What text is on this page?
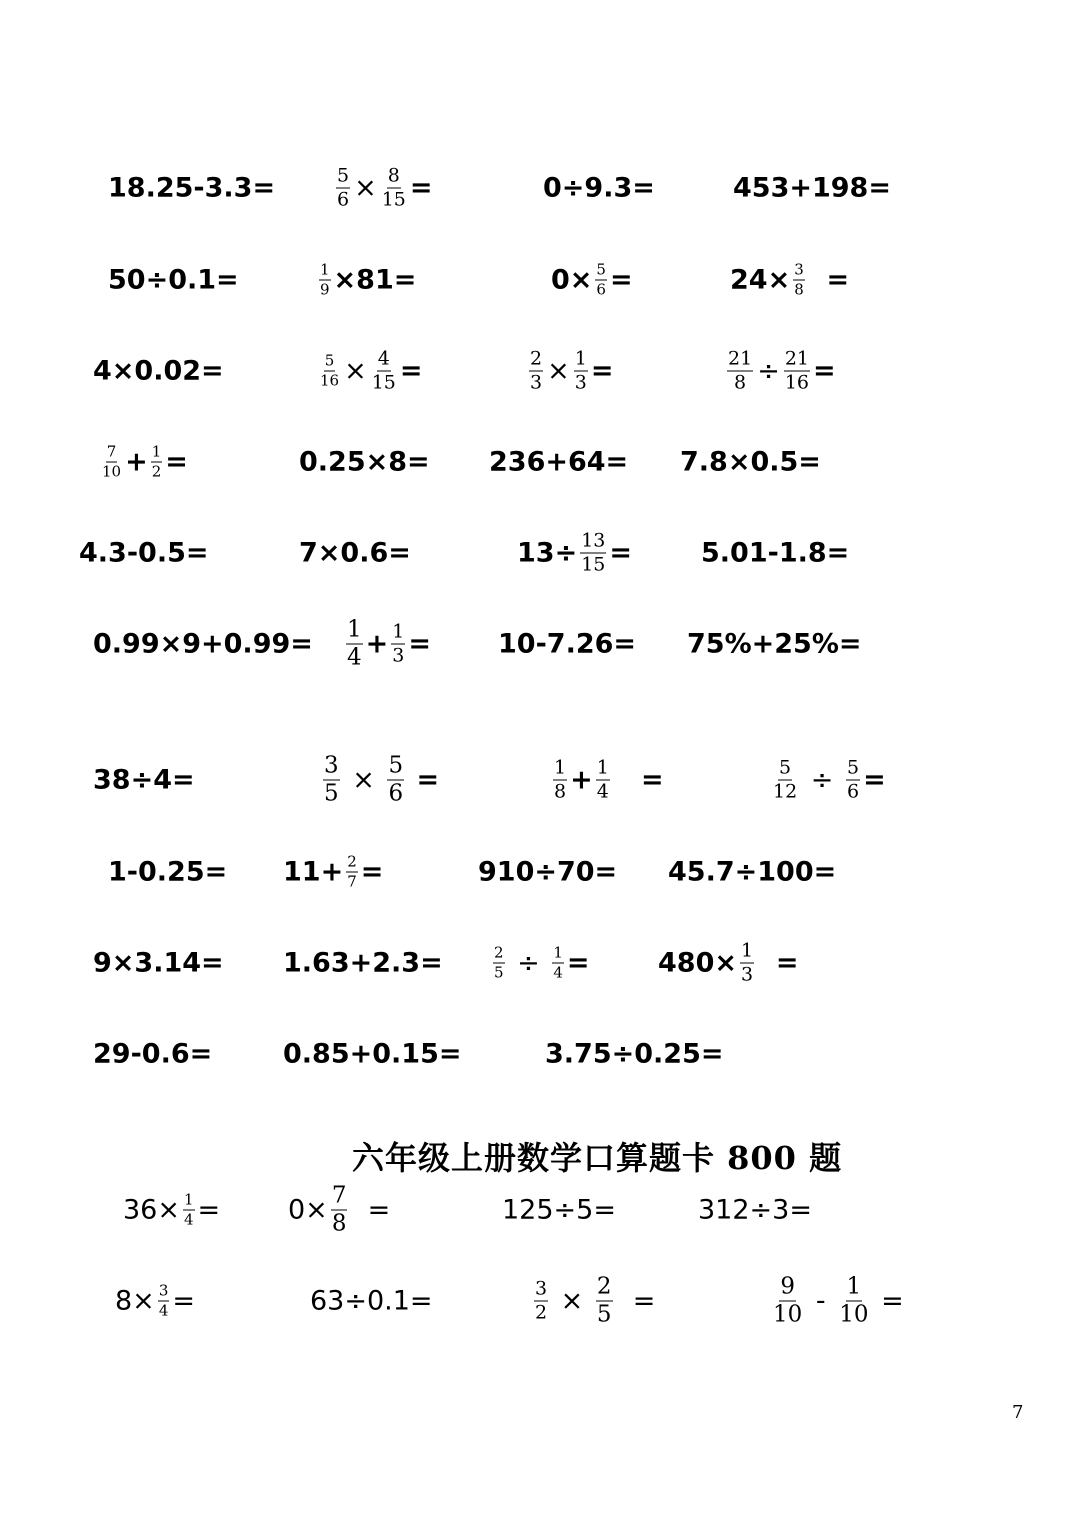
18.25-3.3=	$\frac{5}{6} \times \frac{8}{15}$ =	0÷9.3=	453+198=
50÷0.1=	$\frac{1}{9} \times 81=$	$0\times \frac{5}{6}$ =	$24\times \frac{3}{8}$ =
4×0.02=	$\frac{5}{16} \times \frac{4}{15}$ =	$\frac{2}{3} \times \frac{1}{3}$ =	$\frac{21}{8} \div \frac{21}{16}$ =
$\frac{7}{10} + \frac{1}{2}$ =	0.25×8= 236+64= 7.8×0.5=
4.3-0.5=	7×0.6=	$13\div \frac{13}{15}$ =	5.01-1.8=
$0.99\times 9+0.99= \frac{1}{4} + \frac{1}{3} = 10-7.26= 75\%+25\%=$
38÷4=	$\frac{3}{5} \times \frac{5}{6}$ =	$\frac{1}{8} + \frac{1}{4}$ =	$\frac{5}{12} \div \frac{5}{6}$ =
$1-0.25= 11+ \frac{2}{7}$ =	910÷70= 45.7÷100=
9×3.14= 1.63+2.3=	$\frac{2}{5} \div \frac{1}{4}$ =	$480\times \frac{1}{3}$ =
29-0.6=	0.85+0.15=	3.75÷0.25=
$36\times \frac{1}{4}$ =	$0\times \frac{7}{8}$ =	125÷5=	312÷3=
$8\times \frac{3}{4}$ =	63÷0.1=	$\frac{3}{2} \times \frac{2}{5}$ =	$\frac{9}{10} - \frac{1}{10}$ =
六年级上册数学口算题卡 800 题
7
